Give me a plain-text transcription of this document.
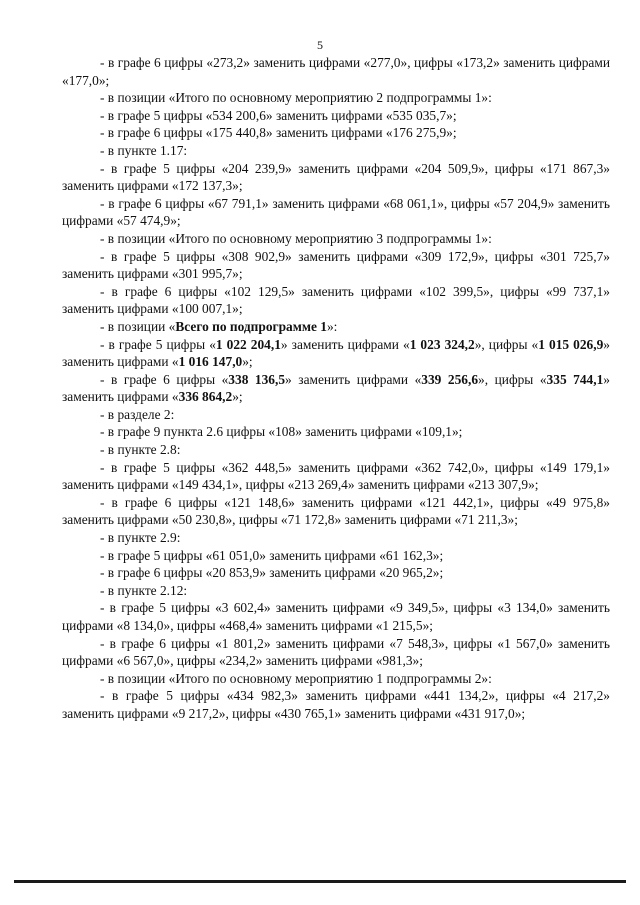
5
- в графе 6 цифры «273,2» заменить цифрами «277,0», цифры «173,2» заменить цифрами «177,0»;
- в позиции «Итого по основному мероприятию 2 подпрограммы 1»:
- в графе 5 цифры «534 200,6» заменить цифрами «535 035,7»;
- в графе 6 цифры «175 440,8» заменить цифрами «176 275,9»;
- в пункте 1.17:
- в графе 5 цифры «204 239,9» заменить цифрами «204 509,9», цифры «171 867,3» заменить цифрами «172 137,3»;
- в графе 6 цифры «67 791,1» заменить цифрами «68 061,1», цифры «57 204,9» заменить цифрами «57 474,9»;
- в позиции «Итого по основному мероприятию 3 подпрограммы 1»:
- в графе 5 цифры «308 902,9» заменить цифрами «309 172,9», цифры «301 725,7» заменить цифрами «301 995,7»;
- в графе 6 цифры «102 129,5» заменить цифрами «102 399,5», цифры «99 737,1» заменить цифрами «100 007,1»;
- в позиции «Всего по подпрограмме 1»:
- в графе 5 цифры «1 022 204,1» заменить цифрами «1 023 324,2», цифры «1 015 026,9» заменить цифрами «1 016 147,0»;
- в графе 6 цифры «338 136,5» заменить цифрами «339 256,6», цифры «335 744,1» заменить цифрами «336 864,2»;
- в разделе 2:
- в графе 9 пункта 2.6 цифры «108» заменить цифрами «109,1»;
- в пункте 2.8:
- в графе 5 цифры «362 448,5» заменить цифрами «362 742,0», цифры «149 179,1» заменить цифрами «149 434,1», цифры «213 269,4» заменить цифрами «213 307,9»;
- в графе 6 цифры «121 148,6» заменить цифрами «121 442,1», цифры «49 975,8» заменить цифрами «50 230,8», цифры «71 172,8» заменить цифрами «71 211,3»;
- в пункте 2.9:
- в графе 5 цифры «61 051,0» заменить цифрами «61 162,3»;
- в графе 6 цифры «20 853,9» заменить цифрами «20 965,2»;
- в пункте 2.12:
- в графе 5 цифры «3 602,4» заменить цифрами «9 349,5», цифры «3 134,0» заменить цифрами «8 134,0», цифры «468,4» заменить цифрами «1 215,5»;
- в графе 6 цифры «1 801,2» заменить цифрами «7 548,3», цифры «1 567,0» заменить цифрами «6 567,0», цифры «234,2» заменить цифрами «981,3»;
- в позиции «Итого по основному мероприятию 1 подпрограммы 2»:
- в графе 5 цифры «434 982,3» заменить цифрами «441 134,2», цифры «4 217,2» заменить цифрами «9 217,2», цифры «430 765,1» заменить цифрами «431 917,0»;
